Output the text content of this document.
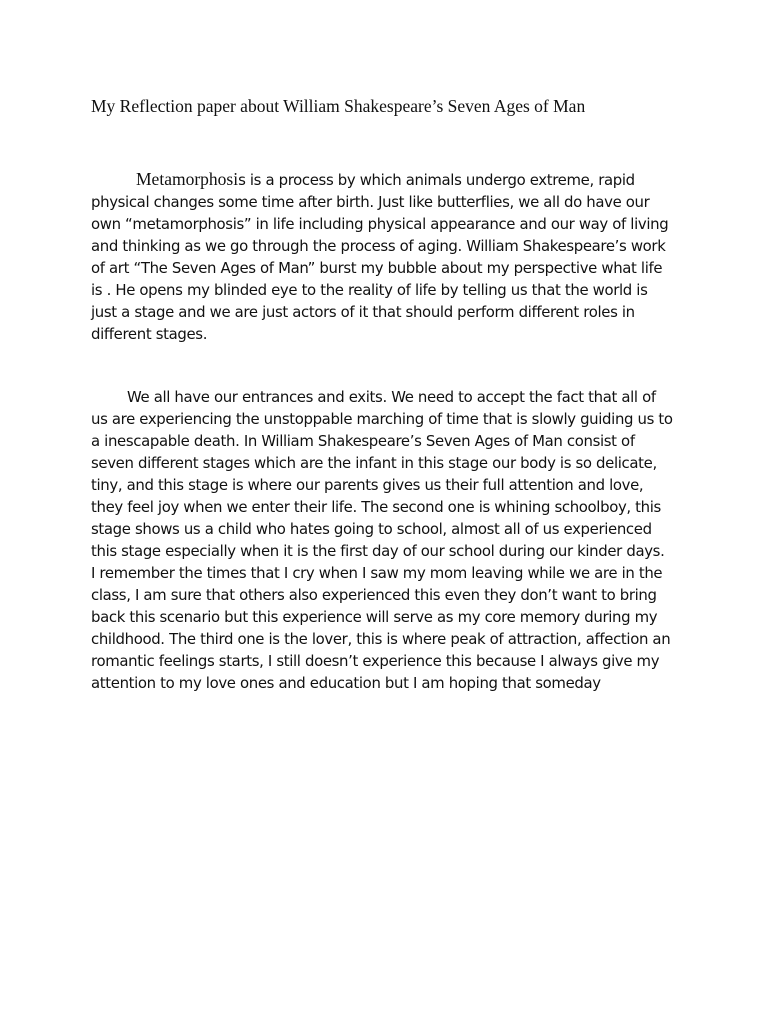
My Reflection paper about William Shakespeare’s Seven Ages of Man

Metamorphosis is a process by which animals undergo extreme, rapid
physical changes some time after birth. Just like butterflies, we all do have our
own “metamorphosis” in life including physical appearance and our way of living
and thinking as we go through the process of aging. William Shakespeare’s work
of art “The Seven Ages of Man” burst my bubble about my perspective what life
is . He opens my blinded eye to the reality of life by telling us that the world is
just a stage and we are just actors of it that should perform different roles in
different stages.

We all have our entrances and exits. We need to accept the fact that all of
us are experiencing the unstoppable marching of time that is slowly guiding us to
a inescapable death. In William Shakespeare’s Seven Ages of Man consist of
seven different stages which are the infant in this stage our body is so delicate,
tiny, and this stage is where our parents gives us their full attention and love,
they feel joy when we enter their life. The second one is whining schoolboy, this
stage shows us a child who hates going to school, almost all of us experienced
this stage especially when it is the first day of our school during our kinder days.
I remember the times that I cry when I saw my mom leaving while we are in the
class, I am sure that others also experienced this even they don’t want to bring
back this scenario but this experience will serve as my core memory during my
childhood. The third one is the lover, this is where peak of attraction, affection an
romantic feelings starts, I still doesn’t experience this because I always give my
attention to my love ones and education but I am hoping that someday
